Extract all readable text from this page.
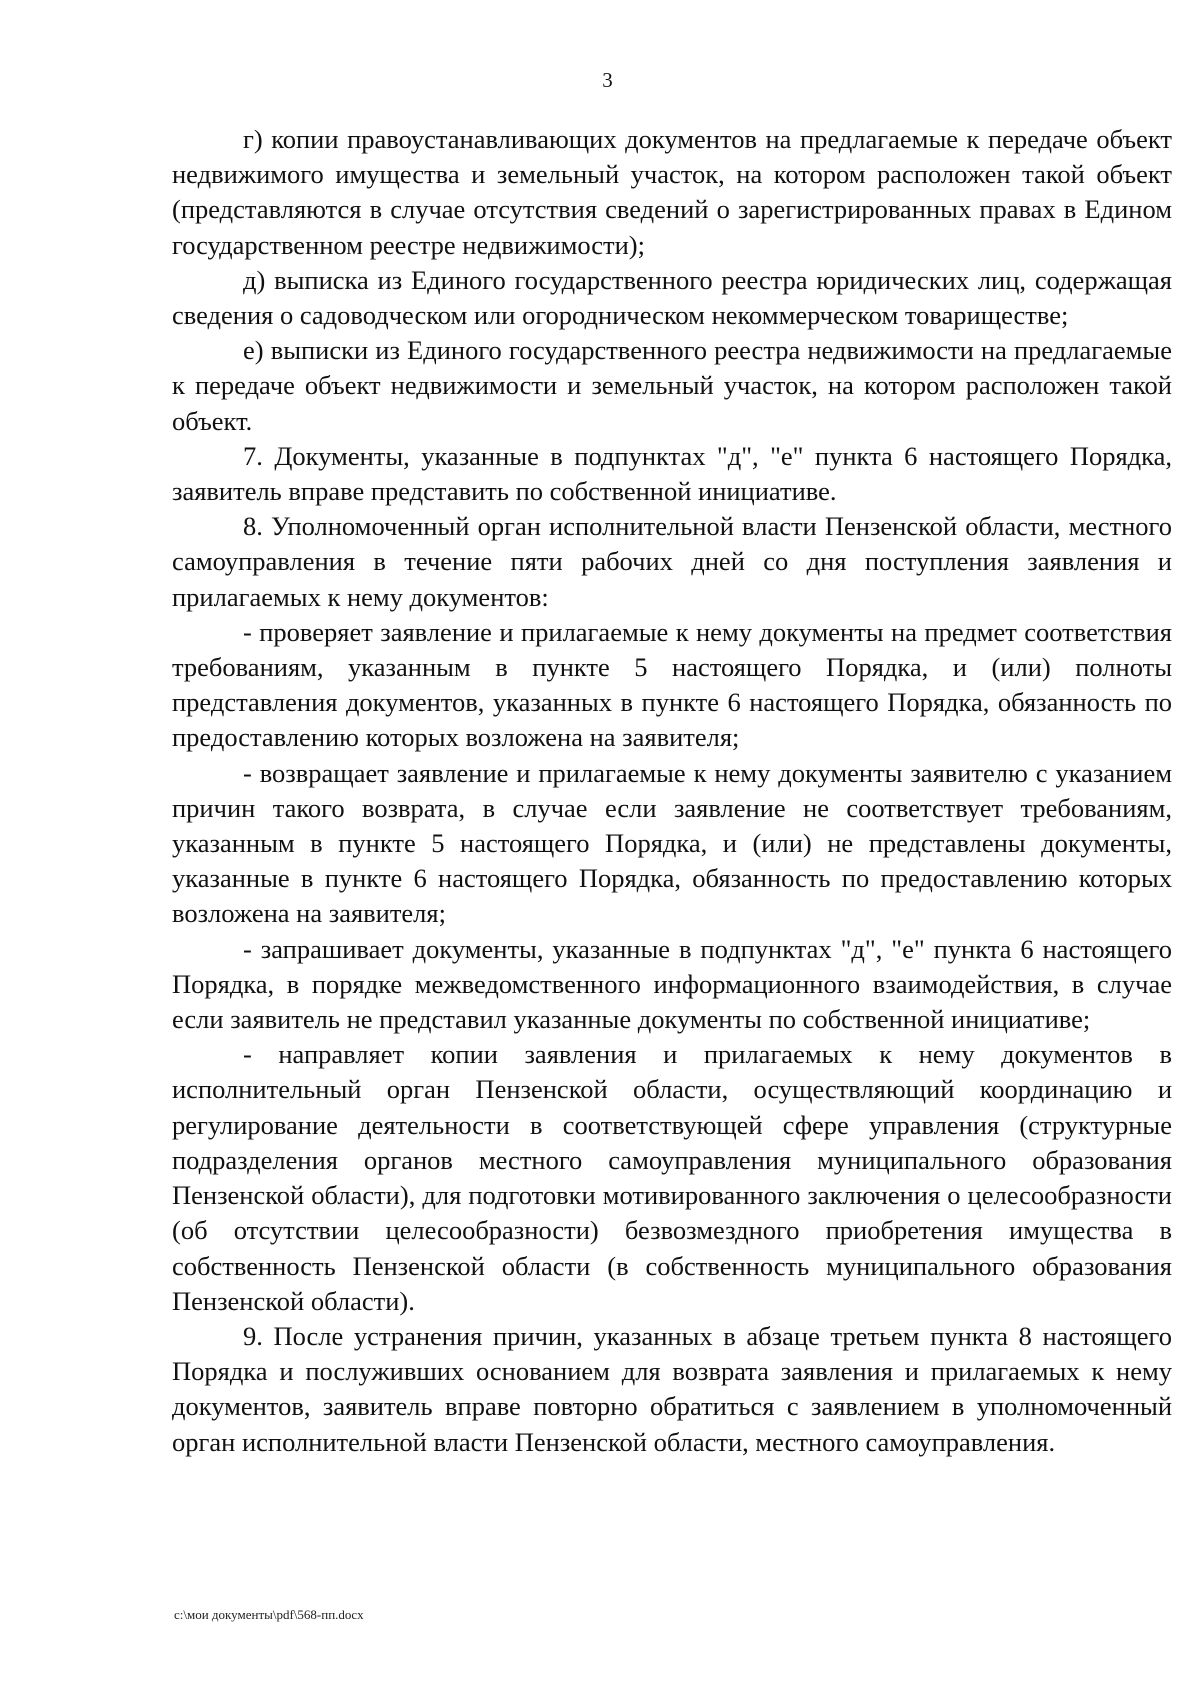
3

г) копии правоустанавливающих документов на предлагаемые к передаче объект недвижимого имущества и земельный участок, на котором расположен такой объект (представляются в случае отсутствия сведений о зарегистрированных правах в Едином государственном реестре недвижимости);

д) выписка из Единого государственного реестра юридических лиц, содержащая сведения о садоводческом или огородническом некоммерческом товариществе;

е) выписки из Единого государственного реестра недвижимости на предлагаемые к передаче объект недвижимости и земельный участок, на котором расположен такой объект.

7. Документы, указанные в подпунктах "д", "е" пункта 6 настоящего Порядка, заявитель вправе представить по собственной инициативе.

8. Уполномоченный орган исполнительной власти Пензенской области, местного самоуправления в течение пяти рабочих дней со дня поступления заявления и прилагаемых к нему документов:

- проверяет заявление и прилагаемые к нему документы на предмет соответствия требованиям, указанным в пункте 5 настоящего Порядка, и (или) полноты представления документов, указанных в пункте 6 настоящего Порядка, обязанность по предоставлению которых возложена на заявителя;

- возвращает заявление и прилагаемые к нему документы заявителю с указанием причин такого возврата, в случае если заявление не соответствует требованиям, указанным в пункте 5 настоящего Порядка, и (или) не представлены документы, указанные в пункте 6 настоящего Порядка, обязанность по предоставлению которых возложена на заявителя;

- запрашивает документы, указанные в подпунктах "д", "е" пункта 6 настоящего Порядка, в порядке межведомственного информационного взаимодействия, в случае если заявитель не представил указанные документы по собственной инициативе;

- направляет копии заявления и прилагаемых к нему документов в исполнительный орган Пензенской области, осуществляющий координацию и регулирование деятельности в соответствующей сфере управления (структурные подразделения органов местного самоуправления муниципального образования Пензенской области), для подготовки мотивированного заключения о целесообразности (об отсутствии целесообразности) безвозмездного приобретения имущества в собственность Пензенской области (в собственность муниципального образования Пензенской области).

9. После устранения причин, указанных в абзаце третьем пункта 8 настоящего Порядка и послуживших основанием для возврата заявления и прилагаемых к нему документов, заявитель вправе повторно обратиться с заявлением в уполномоченный орган исполнительной власти Пензенской области, местного самоуправления.

c:\мои документы\pdf\568-пп.docx
